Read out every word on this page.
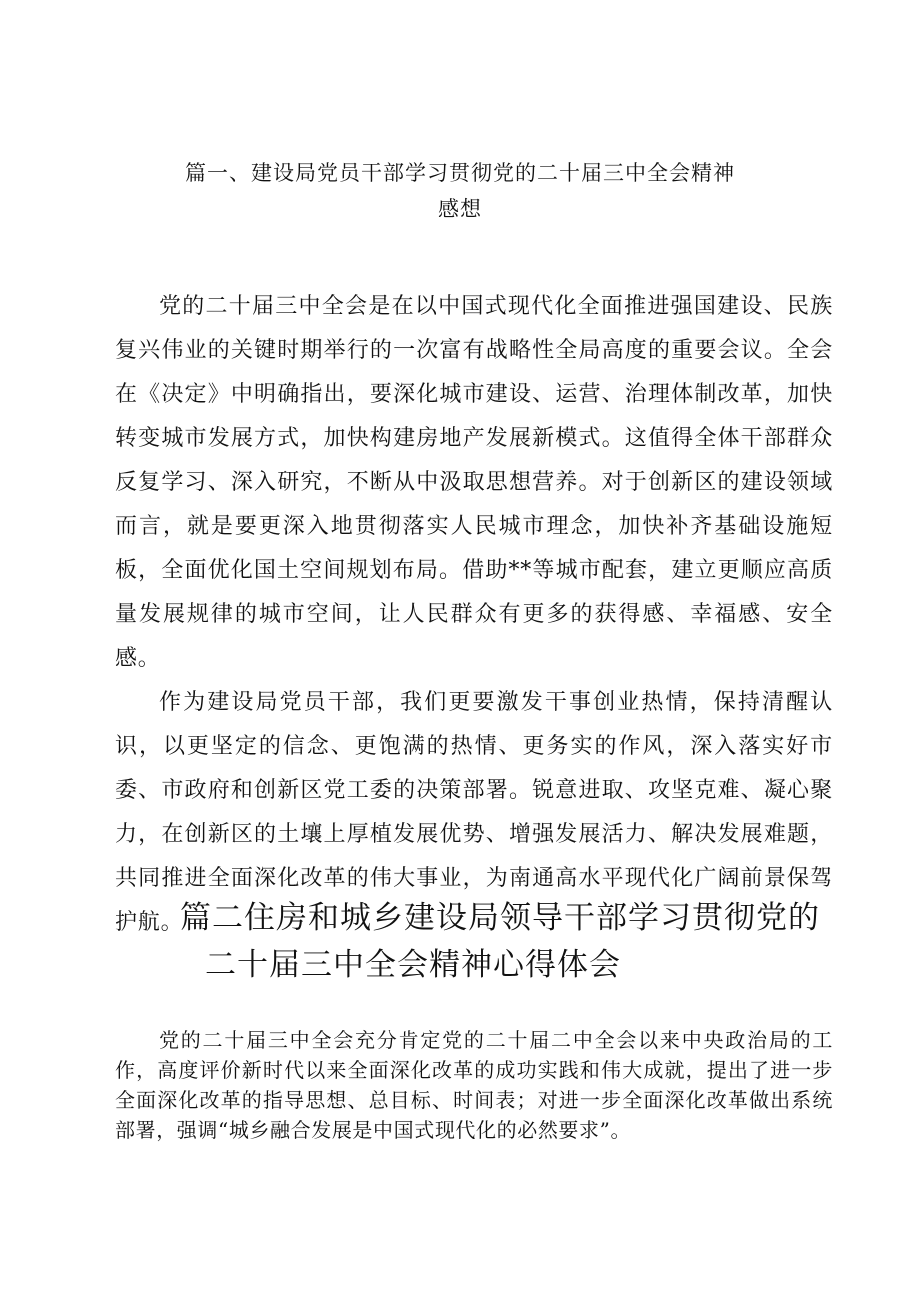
篇一、建设局党员干部学习贯彻党的二十届三中全会精神
感想

党的二十届三中全会是在以中国式现代化全面推进强国建设、民族复兴伟业的关键时期举行的一次富有战略性全局高度的重要会议。全会在《决定》中明确指出，要深化城市建设、运营、治理体制改革，加快转变城市发展方式，加快构建房地产发展新模式。这值得全体干部群众反复学习、深入研究，不断从中汲取思想营养。对于创新区的建设领域而言，就是要更深入地贯彻落实人民城市理念，加快补齐基础设施短板，全面优化国土空间规划布局。借助**等城市配套，建立更顺应高质量发展规律的城市空间，让人民群众有更多的获得感、幸福感、安全感。

作为建设局党员干部，我们更要激发干事创业热情，保持清醒认识，以更坚定的信念、更饱满的热情、更务实的作风，深入落实好市委、市政府和创新区党工委的决策部署。锐意进取、攻坚克难、凝心聚力，在创新区的土壤上厚植发展优势、增强发展活力、解决发展难题，共同推进全面深化改革的伟大事业，为南通高水平现代化广阔前景保驾护航。

篇二住房和城乡建设局领导干部学习贯彻党的
二十届三中全会精神心得体会

党的二十届三中全会充分肯定党的二十届二中全会以来中央政治局的工作，高度评价新时代以来全面深化改革的成功实践和伟大成就，提出了进一步全面深化改革的指导思想、总目标、时间表；对进一步全面深化改革做出系统部署，强调“城乡融合发展是中国式现代化的必然要求”。
